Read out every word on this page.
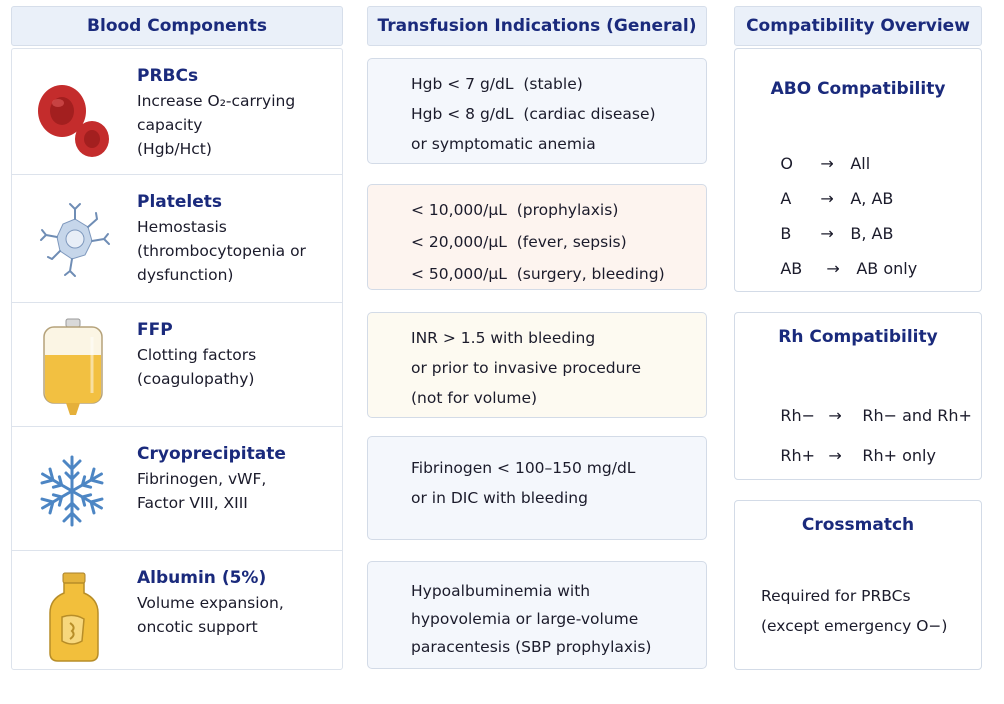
Blood Components	Transfusion Indications (General)	Compatibility Overview
PRBCs
Increase O₂-carrying
capacity
(Hgb/Hct)
Platelets
Hemostasis
(thrombocytopenia or
dysfunction)
FFP
Clotting factors
(coagulopathy)
Cryoprecipitate
Fibrinogen, vWF,
Factor VIII, XIII
Albumin (5%)
Volume expansion,
oncotic support
Hgb < 7 g/dL  (stable)
Hgb < 8 g/dL  (cardiac disease)
or symptomatic anemia
< 10,000/µL  (prophylaxis)
< 20,000/µL  (fever, sepsis)
< 50,000/µL  (surgery, bleeding)
INR > 1.5 with bleeding
or prior to invasive procedure
(not for volume)
Fibrinogen < 100–150 mg/dL
or in DIC with bleeding
Hypoalbuminemia with
hypovolemia or large-volume
paracentesis (SBP prophylaxis)
ABO Compatibility

O → All

A → A, AB

B → B, AB

AB → AB only

Rh Compatibility

Rh− → Rh− and Rh+

Rh+ → Rh+ only

Crossmatch
Required for PRBCs
(except emergency O−)
